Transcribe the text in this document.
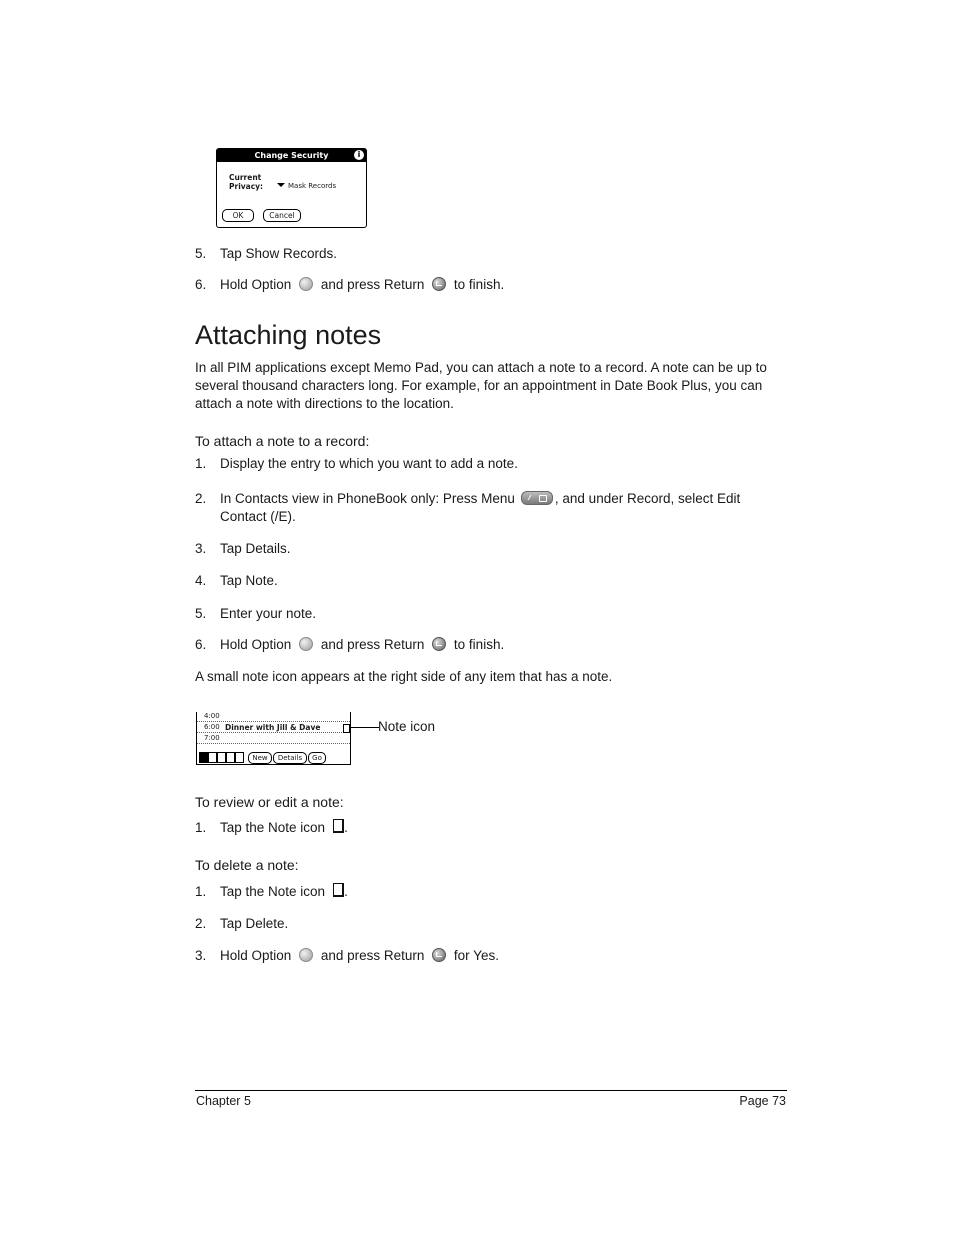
Change Security	i
Current
Privacy:	Mask Records
OK	Cancel
5. Tap Show Records.
6. Hold Option and press Return to finish.
Attaching notes
In all PIM applications except Memo Pad, you can attach a note to a record. A note can be up to several thousand characters long. For example, for an appointment in Date Book Plus, you can attach a note with directions to the location.
To attach a note to a record:
1. Display the entry to which you want to add a note.
2. In Contacts view in PhoneBook only: Press Menu	, and under Record, select Edit
Contact (/E).
3. Tap Details.
4. Tap Note.
5. Enter your note.
6. Hold Option and press Return to finish.
A small note icon appears at the right side of any item that has a note.
4:00
6:00
7:00
Dinner with Jill & Dave
New	Details	Go
Note icon
To review or edit a note:
1. Tap the Note icon .
To delete a note:
1. Tap the Note icon .
2. Tap Delete.
3. Hold Option and press Return for Yes.
Chapter 5	Page 73
